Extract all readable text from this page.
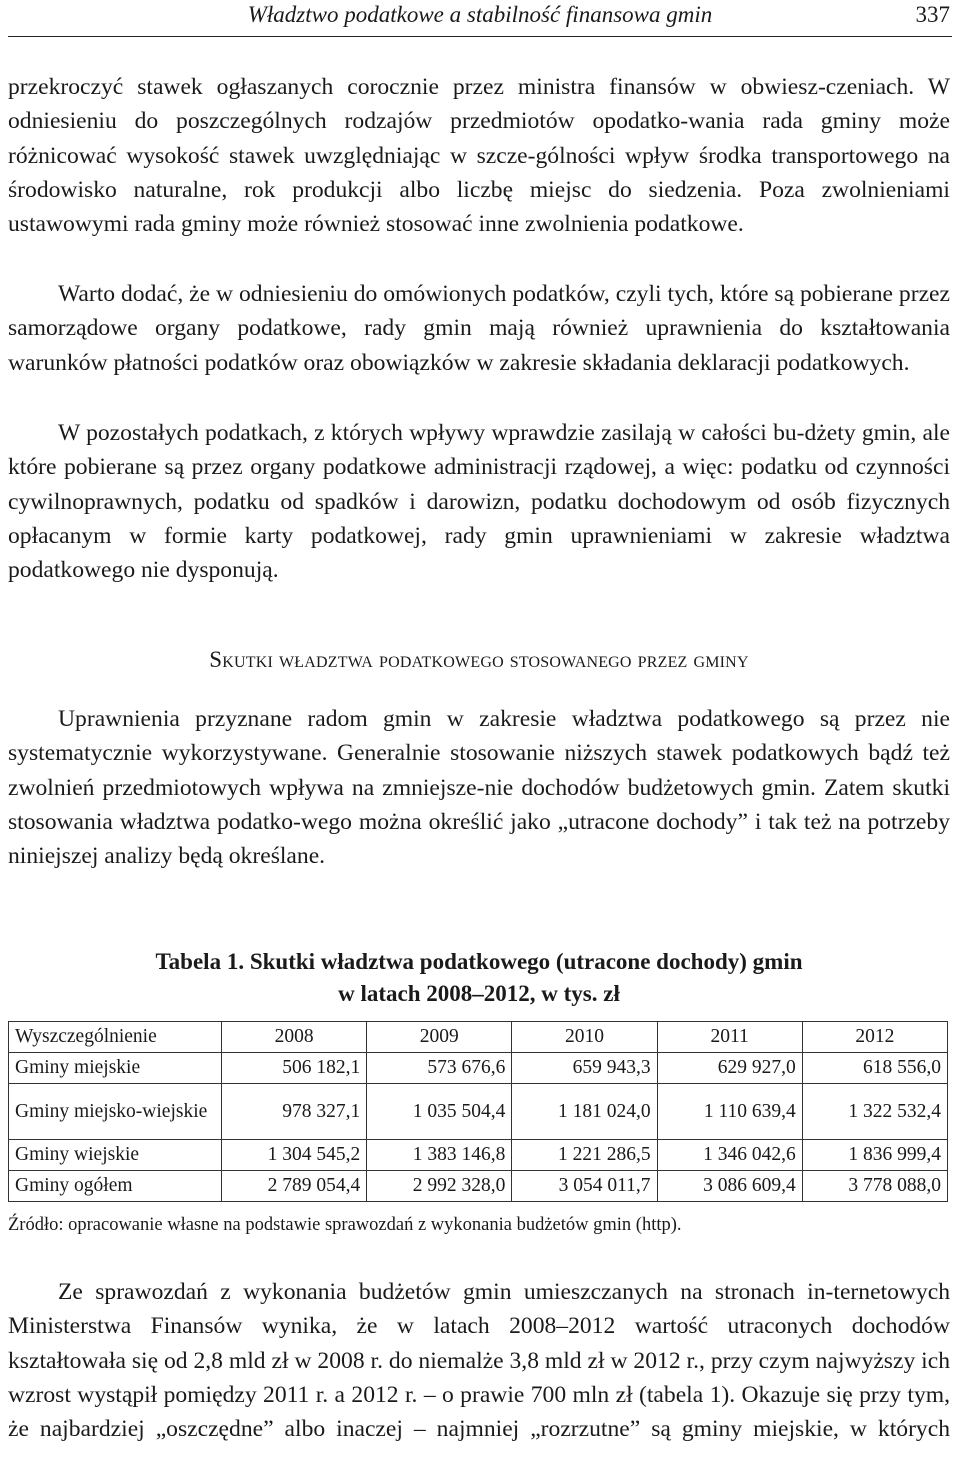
Władztwo podatkowe a stabilność finansowa gmin	337

przekroczyć stawek ogłaszanych corocznie przez ministra finansów w obwiesz-czeniach. W odniesieniu do poszczególnych rodzajów przedmiotów opodatko-wania rada gminy może różnicować wysokość stawek uwzględniając w szcze-gólności wpływ środka transportowego na środowisko naturalne, rok produkcji albo liczbę miejsc do siedzenia. Poza zwolnieniami ustawowymi rada gminy może również stosować inne zwolnienia podatkowe.

Warto dodać, że w odniesieniu do omówionych podatków, czyli tych, które są pobierane przez samorządowe organy podatkowe, rady gmin mają również uprawnienia do kształtowania warunków płatności podatków oraz obowiązków w zakresie składania deklaracji podatkowych.

W pozostałych podatkach, z których wpływy wprawdzie zasilają w całości bu-dżety gmin, ale które pobierane są przez organy podatkowe administracji rządowej, a więc: podatku od czynności cywilnoprawnych, podatku od spadków i darowizn, podatku dochodowym od osób fizycznych opłacanym w formie karty podatkowej, rady gmin uprawnieniami w zakresie władztwa podatkowego nie dysponują.

Skutki władztwa podatkowego stosowanego przez gminy

Uprawnienia przyznane radom gmin w zakresie władztwa podatkowego są przez nie systematycznie wykorzystywane. Generalnie stosowanie niższych stawek podatkowych bądź też zwolnień przedmiotowych wpływa na zmniejsze-nie dochodów budżetowych gmin. Zatem skutki stosowania władztwa podatko-wego można określić jako „utracone dochody” i tak też na potrzeby niniejszej analizy będą określane.

Tabela 1. Skutki władztwa podatkowego (utracone dochody) gmin
w latach 2008–2012, w tys. zł
Wyszczególnienie	2008	2009	2010	2011	2012
Gminy miejskie	506 182,1	573 676,6	659 943,3	629 927,0	618 556,0
Gminy miejsko-wiejskie	978 327,1	1 035 504,4	1 181 024,0	1 110 639,4	1 322 532,4
Gminy wiejskie	1 304 545,2	1 383 146,8	1 221 286,5	1 346 042,6	1 836 999,4
Gminy ogółem	2 789 054,4	2 992 328,0	3 054 011,7	3 086 609,4	3 778 088,0

Źródło: opracowanie własne na podstawie sprawozdań z wykonania budżetów gmin (http).

Ze sprawozdań z wykonania budżetów gmin umieszczanych na stronach in-ternetowych Ministerstwa Finansów wynika, że w latach 2008–2012 wartość utraconych dochodów kształtowała się od 2,8 mld zł w 2008 r. do niemalże 3,8 mld zł w 2012 r., przy czym najwyższy ich wzrost wystąpił pomiędzy 2011 r. a 2012 r. – o prawie 700 mln zł (tabela 1). Okazuje się przy tym, że najbardziej „oszczędne” albo inaczej – najmniej „rozrzutne” są gminy miejskie, w których
